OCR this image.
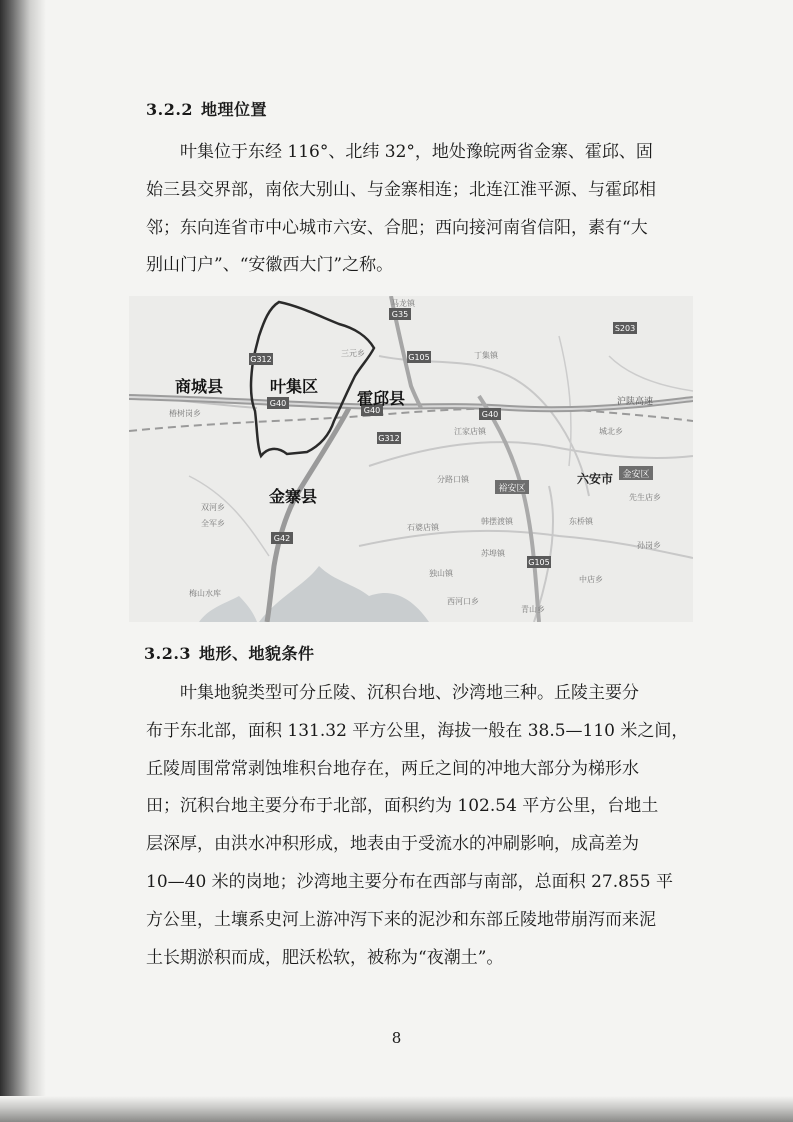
3.2.2 地理位置
叶集位于东经 116°、北纬 32°，地处豫皖两省金寨、霍邱、固
始三县交界部，南依大别山、与金寨相连；北连江淮平源、与霍邱相
邻；东向连省市中心城市六安、合肥；西向接河南省信阳，素有“大
别山门户”、“安徽西大门”之称。
G35
G40
G40	G40
G312
G312
G105
G105
G42
S203
沪陕高速
马龙镇
三元乡	丁集镇
江家店镇
分路口镇
苏埠镇
青山乡
东桥镇
先生店乡
韩摆渡镇
石婆店镇
独山镇
西河口乡
双河乡
全军乡
梅山水库
椿树岗乡
城北乡
孙岗乡
中店乡
商城县	叶集区
霍邱县
金寨县
六安市
裕安区
金安区
3.2.3 地形、地貌条件
叶集地貌类型可分丘陵、沉积台地、沙湾地三种。丘陵主要分
布于东北部，面积 131.32 平方公里，海拔一般在 38.5—110 米之间，
丘陵周围常常剥蚀堆积台地存在，两丘之间的冲地大部分为梯形水
田；沉积台地主要分布于北部，面积约为 102.54 平方公里，台地土
层深厚，由洪水冲积形成，地表由于受流水的冲刷影响，成高差为
10—40 米的岗地；沙湾地主要分布在西部与南部，总面积 27.855 平
方公里，土壤系史河上游冲泻下来的泥沙和东部丘陵地带崩泻而来泥
土长期淤积而成，肥沃松软，被称为“夜潮土”。
8
